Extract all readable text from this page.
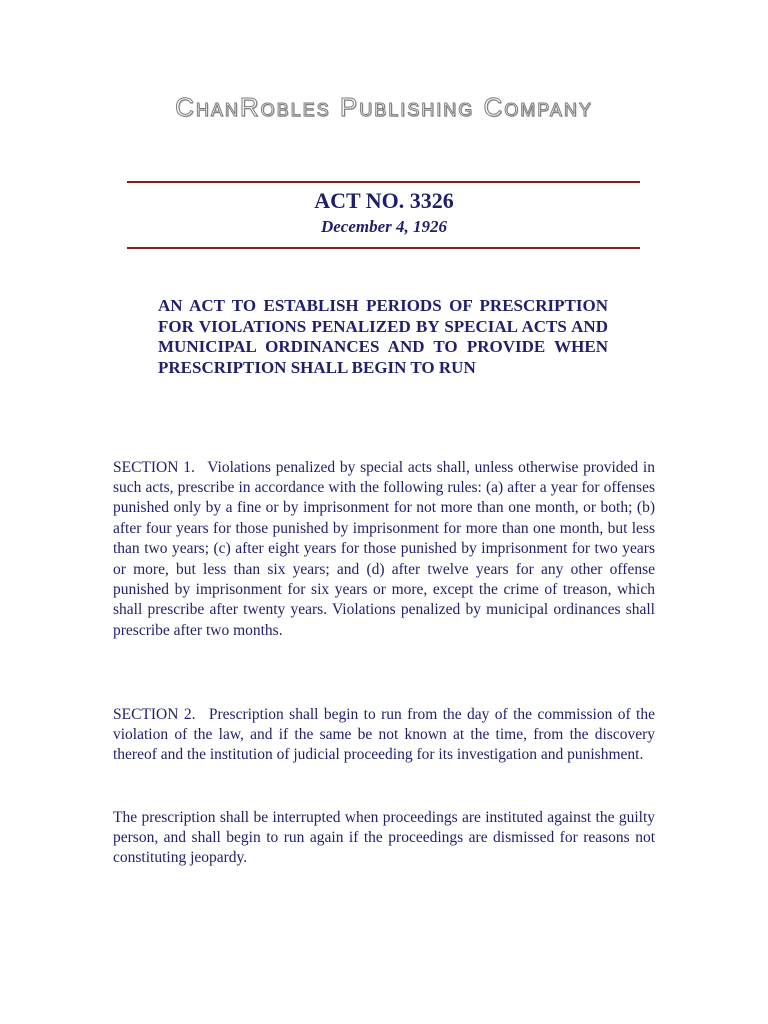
ChanRobles Publishing Company
ACT NO. 3326
December 4, 1926
AN ACT TO ESTABLISH PERIODS OF PRESCRIPTION FOR VIOLATIONS PENALIZED BY SPECIAL ACTS AND MUNICIPAL ORDINANCES AND TO PROVIDE WHEN PRESCRIPTION SHALL BEGIN TO RUN

SECTION 1. Violations penalized by special acts shall, unless otherwise provided in such acts, prescribe in accordance with the following rules: (a) after a year for offenses punished only by a fine or by imprisonment for not more than one month, or both; (b) after four years for those punished by imprisonment for more than one month, but less than two years; (c) after eight years for those punished by imprisonment for two years or more, but less than six years; and (d) after twelve years for any other offense punished by imprisonment for six years or more, except the crime of treason, which shall prescribe after twenty years. Violations penalized by municipal ordinances shall prescribe after two months.

SECTION 2. Prescription shall begin to run from the day of the commission of the violation of the law, and if the same be not known at the time, from the discovery thereof and the institution of judicial proceeding for its investigation and punishment.

The prescription shall be interrupted when proceedings are instituted against the guilty person, and shall begin to run again if the proceedings are dismissed for reasons not constituting jeopardy.
